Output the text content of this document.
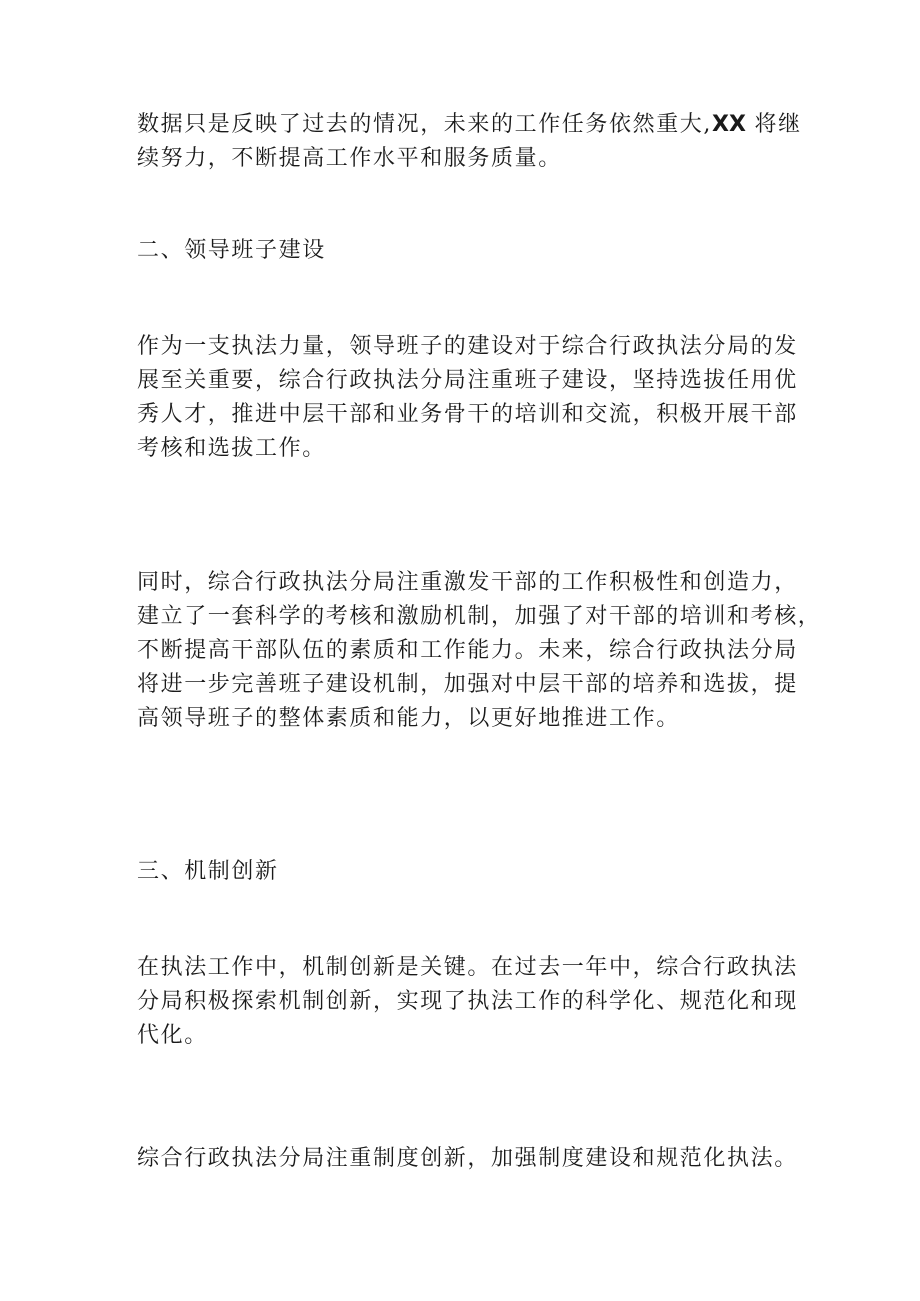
数据只是反映了过去的情况，未来的工作任务依然重大,XX 将继
续努力，不断提高工作水平和服务质量。
二、领导班子建设
作为一支执法力量，领导班子的建设对于综合行政执法分局的发
展至关重要，综合行政执法分局注重班子建设，坚持选拔任用优
秀人才，推进中层干部和业务骨干的培训和交流，积极开展干部
考核和选拔工作。
同时，综合行政执法分局注重激发干部的工作积极性和创造力，
建立了一套科学的考核和激励机制，加强了对干部的培训和考核，
不断提高干部队伍的素质和工作能力。未来，综合行政执法分局
将进一步完善班子建设机制，加强对中层干部的培养和选拔，提
高领导班子的整体素质和能力，以更好地推进工作。
三、机制创新
在执法工作中，机制创新是关键。在过去一年中，综合行政执法
分局积极探索机制创新，实现了执法工作的科学化、规范化和现
代化。
综合行政执法分局注重制度创新，加强制度建设和规范化执法。
